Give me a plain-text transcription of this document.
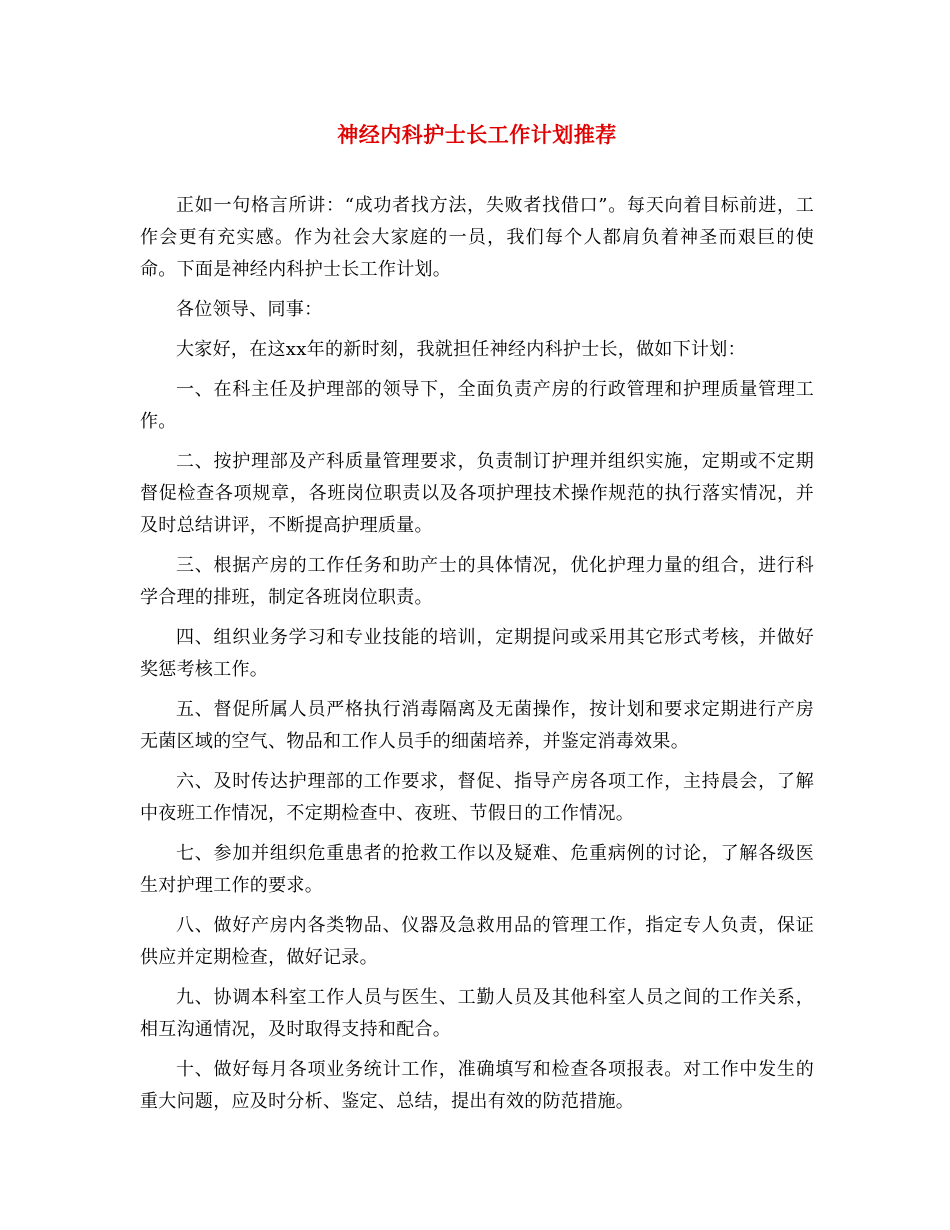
神经内科护士长工作计划推荐

正如一句格言所讲：“成功者找方法，失败者找借口”。每天向着目标前进，工作会更有充实感。作为社会大家庭的一员，我们每个人都肩负着神圣而艰巨的使命。下面是神经内科护士长工作计划。

各位领导、同事：

大家好，在这xx年的新时刻，我就担任神经内科护士长，做如下计划：

一、在科主任及护理部的领导下，全面负责产房的行政管理和护理质量管理工作。

二、按护理部及产科质量管理要求，负责制订护理并组织实施，定期或不定期督促检查各项规章，各班岗位职责以及各项护理技术操作规范的执行落实情况，并及时总结讲评，不断提高护理质量。

三、根据产房的工作任务和助产士的具体情况，优化护理力量的组合，进行科学合理的排班，制定各班岗位职责。

四、组织业务学习和专业技能的培训，定期提问或采用其它形式考核，并做好奖惩考核工作。

五、督促所属人员严格执行消毒隔离及无菌操作，按计划和要求定期进行产房无菌区域的空气、物品和工作人员手的细菌培养，并鉴定消毒效果。

六、及时传达护理部的工作要求，督促、指导产房各项工作，主持晨会，了解中夜班工作情况，不定期检查中、夜班、节假日的工作情况。

七、参加并组织危重患者的抢救工作以及疑难、危重病例的讨论，了解各级医生对护理工作的要求。

八、做好产房内各类物品、仪器及急救用品的管理工作，指定专人负责，保证供应并定期检查，做好记录。

九、协调本科室工作人员与医生、工勤人员及其他科室人员之间的工作关系，相互沟通情况，及时取得支持和配合。

十、做好每月各项业务统计工作，准确填写和检查各项报表。对工作中发生的重大问题，应及时分析、鉴定、总结，提出有效的防范措施。
